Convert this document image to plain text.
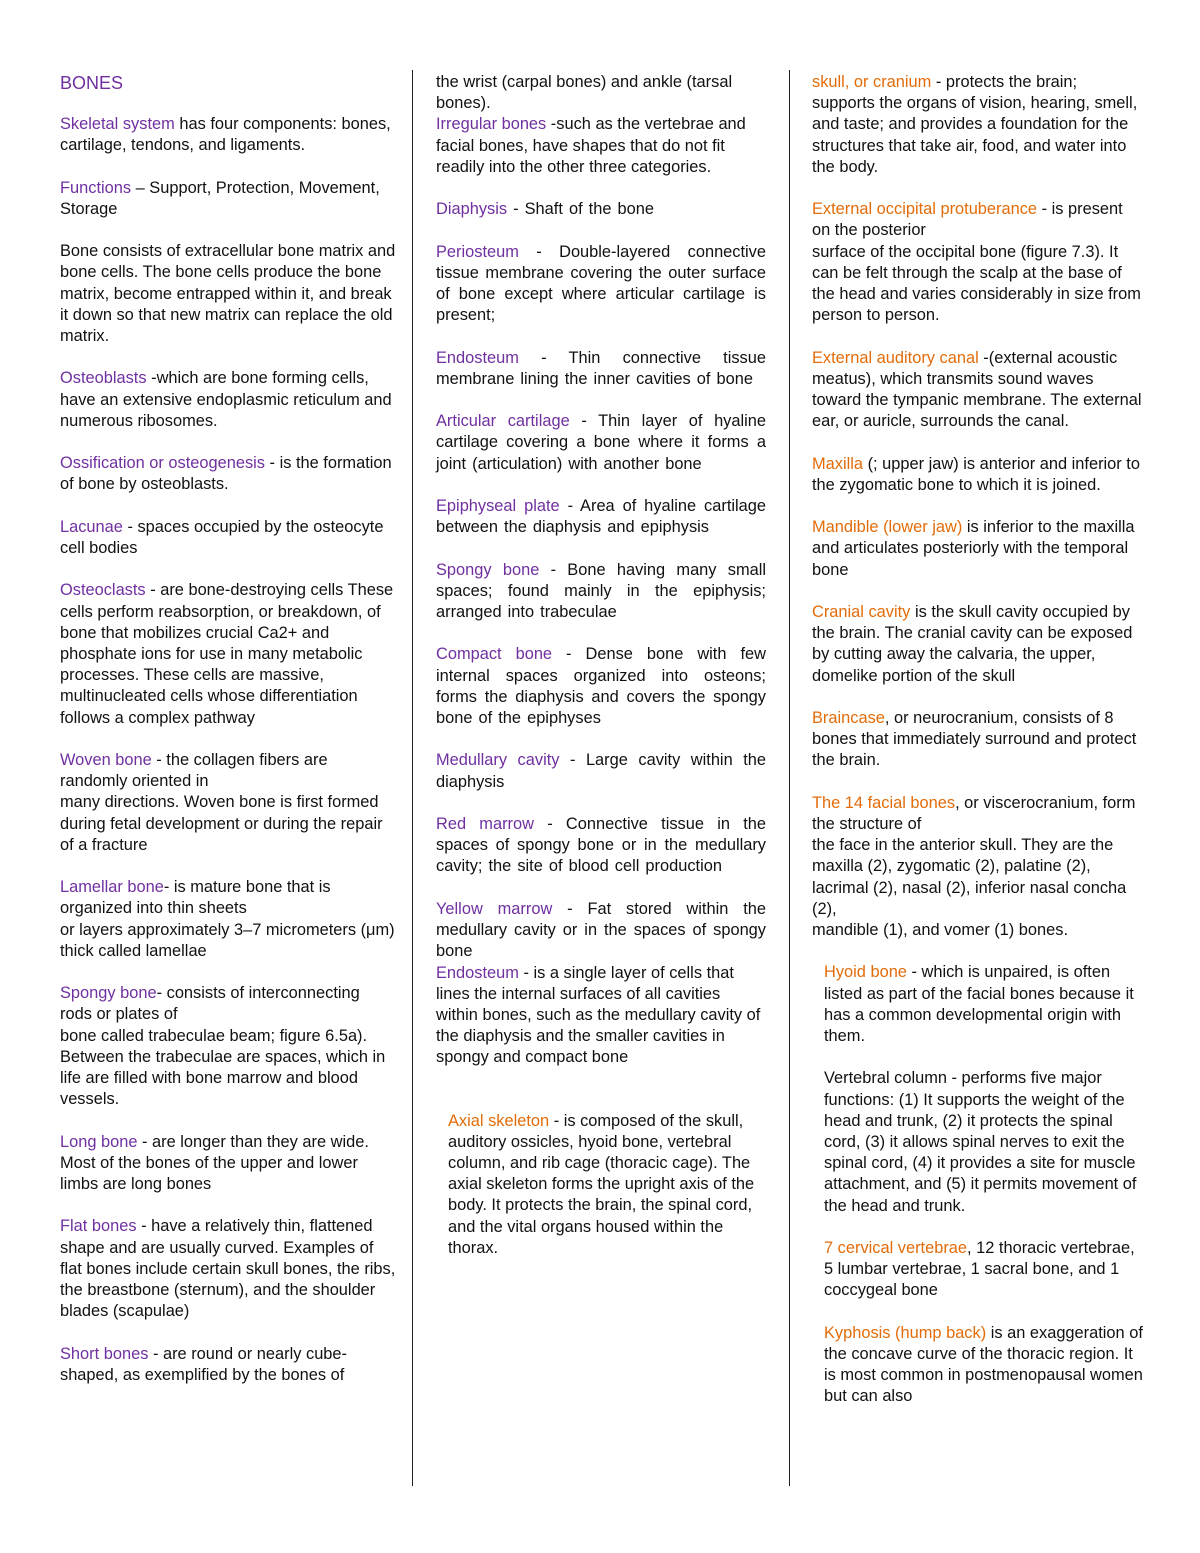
BONES

Skeletal system has four components: bones, cartilage, tendons, and ligaments.

Functions – Support, Protection, Movement, Storage

Bone consists of extracellular bone matrix and bone cells. The bone cells produce the bone matrix, become entrapped within it, and break it down so that new matrix can replace the old matrix.

Osteoblasts -which are bone forming cells, have an extensive endoplasmic reticulum and numerous ribosomes.

Ossification or osteogenesis - is the formation of bone by osteoblasts.

Lacunae - spaces occupied by the osteocyte cell bodies

Osteoclasts - are bone-destroying cells These cells perform reabsorption, or breakdown, of bone that mobilizes crucial Ca2+ and phosphate ions for use in many metabolic processes. These cells are massive, multinucleated cells whose differentiation follows a complex pathway

Woven bone - the collagen fibers are randomly oriented in
many directions. Woven bone is first formed during fetal development or during the repair of a fracture

Lamellar bone- is mature bone that is organized into thin sheets
or layers approximately 3–7 micrometers (μm) thick called lamellae

Spongy bone- consists of interconnecting rods or plates of
bone called trabeculae beam; figure 6.5a). Between the trabeculae are spaces, which in life are filled with bone marrow and blood vessels.

Long bone - are longer than they are wide. Most of the bones of the upper and lower limbs are long bones

Flat bones - have a relatively thin, flattened shape and are usually curved. Examples of flat bones include certain skull bones, the ribs, the breastbone (sternum), and the shoulder blades (scapulae)

Short bones - are round or nearly cube-shaped, as exemplified by the bones of

the wrist (carpal bones) and ankle (tarsal bones).

Irregular bones -such as the vertebrae and facial bones, have shapes that do not fit readily into the other three categories.

Diaphysis - Shaft of the bone

Periosteum - Double-layered connective tissue membrane covering the outer surface of bone except where articular cartilage is present;

Endosteum - Thin connective tissue membrane lining the inner cavities of bone

Articular cartilage - Thin layer of hyaline cartilage covering a bone where it forms a joint (articulation) with another bone

Epiphyseal plate - Area of hyaline cartilage between the diaphysis and epiphysis

Spongy bone - Bone having many small spaces; found mainly in the epiphysis; arranged into trabeculae

Compact bone - Dense bone with few internal spaces organized into osteons; forms the diaphysis and covers the spongy bone of the epiphyses

Medullary cavity - Large cavity within the diaphysis

Red marrow - Connective tissue in the spaces of spongy bone or in the medullary cavity; the site of blood cell production

Yellow marrow - Fat stored within the medullary cavity or in the spaces of spongy bone

Endosteum - is a single layer of cells that lines the internal surfaces of all cavities within bones, such as the medullary cavity of the diaphysis and the smaller cavities in spongy and compact bone

Axial skeleton - is composed of the skull, auditory ossicles, hyoid bone, vertebral column, and rib cage (thoracic cage). The axial skeleton forms the upright axis of the body. It protects the brain, the spinal cord, and the vital organs housed within the thorax.

skull, or cranium - protects the brain; supports the organs of vision, hearing, smell, and taste; and provides a foundation for the structures that take air, food, and water into the body.

External occipital protuberance - is present on the posterior
surface of the occipital bone (figure 7.3). It can be felt through the scalp at the base of the head and varies considerably in size from person to person.

External auditory canal -(external acoustic meatus), which transmits sound waves toward the tympanic membrane. The external ear, or auricle, surrounds the canal.

Maxilla (; upper jaw) is anterior and inferior to
the zygomatic bone to which it is joined.

Mandible (lower jaw) is inferior to the maxilla and articulates posteriorly with the temporal bone

Cranial cavity is the skull cavity occupied by the brain. The cranial cavity can be exposed by cutting away the calvaria, the upper, domelike portion of the skull

Braincase, or neurocranium, consists of 8 bones that immediately surround and protect the brain.

The 14 facial bones, or viscerocranium, form the structure of
the face in the anterior skull. They are the maxilla (2), zygomatic (2), palatine (2), lacrimal (2), nasal (2), inferior nasal concha (2),
mandible (1), and vomer (1) bones.

Hyoid bone - which is unpaired, is often listed as part of the facial bones because it has a common developmental origin with them.

Vertebral column - performs five major functions: (1) It supports the weight of the head and trunk, (2) it protects the spinal cord, (3) it allows spinal nerves to exit the spinal cord, (4) it provides a site for muscle attachment, and (5) it permits movement of the head and trunk.

7 cervical vertebrae, 12 thoracic vertebrae, 5 lumbar vertebrae, 1 sacral bone, and 1 coccygeal bone

Kyphosis (hump back) is an exaggeration of the concave curve of the thoracic region. It is most common in postmenopausal women but can also
